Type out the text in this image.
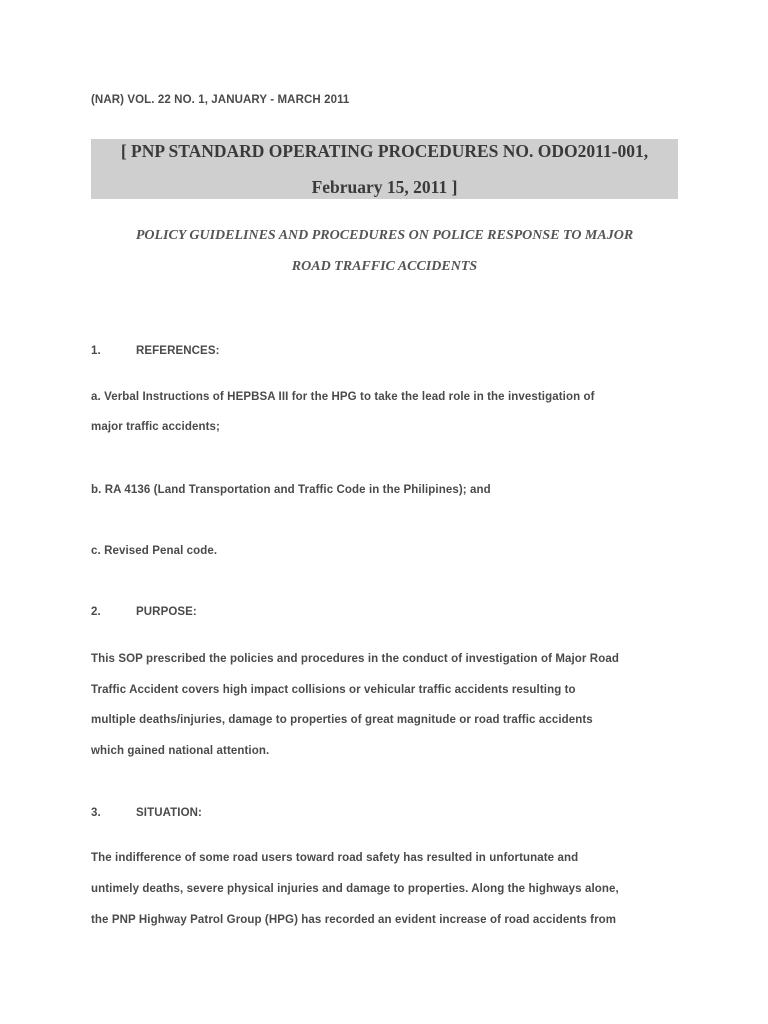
(NAR) VOL. 22 NO. 1, JANUARY - MARCH 2011
[ PNP STANDARD OPERATING PROCEDURES NO. ODO2011-001,
February 15, 2011 ]
POLICY GUIDELINES AND PROCEDURES ON POLICE RESPONSE TO MAJOR
ROAD TRAFFIC ACCIDENTS
1.	REFERENCES:
a. Verbal Instructions of HEPBSA III for the HPG to take the lead role in the investigation of
major traffic accidents;
b. RA 4136 (Land Transportation and Traffic Code in the Philipines); and
c. Revised Penal code.
2.	PURPOSE:
This SOP prescribed the policies and procedures in the conduct of investigation of Major Road
Traffic Accident covers high impact collisions or vehicular traffic accidents resulting to
multiple deaths/injuries, damage to properties of great magnitude or road traffic accidents
which gained national attention.
3.	SITUATION:
The indifference of some road users toward road safety has resulted in unfortunate and
untimely deaths, severe physical injuries and damage to properties. Along the highways alone,
the PNP Highway Patrol Group (HPG) has recorded an evident increase of road accidents from
